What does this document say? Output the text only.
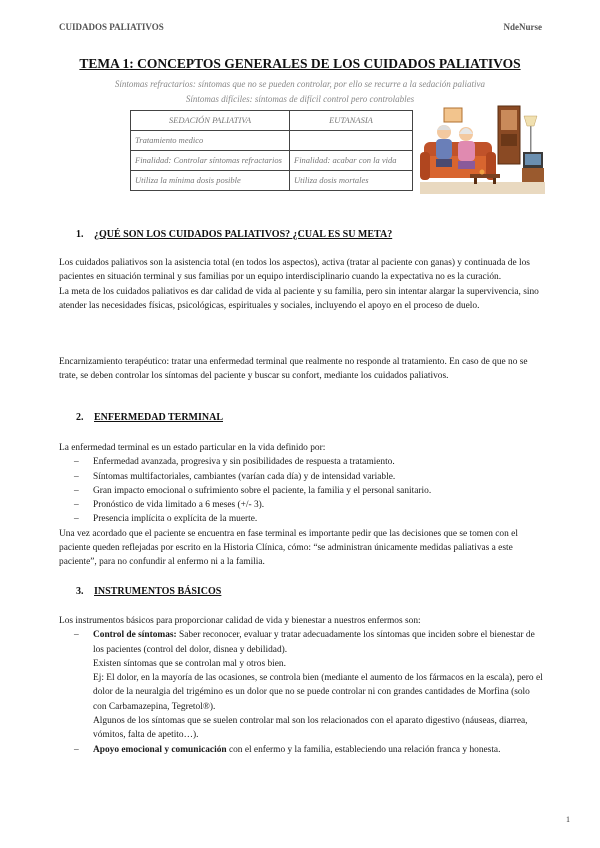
CUIDADOS PALIATIVOS	NdeNurse
TEMA 1: CONCEPTOS GENERALES DE LOS CUIDADOS PALIATIVOS
Síntomas refractarios: síntomas que no se pueden controlar, por ello se recurre a la sedación paliativa
Síntomas difíciles: síntomas de difícil control pero controlables
SEDACIÓN PALIATIVA	EUTANASIA
Tratamiento medico	
Finalidad: Controlar síntomas refractarios	Finalidad: acabar con la vida
Utiliza la mínima dosis posible	Utiliza dosis mortales
1. ¿QUÉ SON LOS CUIDADOS PALIATIVOS? ¿CUAL ES SU META?

Los cuidados paliativos son la asistencia total (en todos los aspectos), activa (tratar al paciente con ganas) y continuada de los pacientes en situación terminal y sus familias por un equipo interdisciplinario cuando la expectativa no es la curación.

La meta de los cuidados paliativos es dar calidad de vida al paciente y su familia, pero sin intentar alargar la supervivencia, sino atender las necesidades físicas, psicológicas, espirituales y sociales, incluyendo el apoyo en el proceso de duelo.

Encarnizamiento terapéutico: tratar una enfermedad terminal que realmente no responde al tratamiento. En caso de que no se trate, se deben controlar los síntomas del paciente y buscar su confort, mediante los cuidados paliativos.

2. ENFERMEDAD TERMINAL

La enfermedad terminal es un estado particular en la vida definido por:

– Enfermedad avanzada, progresiva y sin posibilidades de respuesta a tratamiento.
– Síntomas multifactoriales, cambiantes (varían cada día) y de intensidad variable.
– Gran impacto emocional o sufrimiento sobre el paciente, la familia y el personal sanitario.
– Pronóstico de vida limitado a 6 meses (+/- 3).
– Presencia implícita o explícita de la muerte.

Una vez acordado que el paciente se encuentra en fase terminal es importante pedir que las decisiones que se tomen con el paciente queden reflejadas por escrito en la Historia Clínica, cómo: “se administran únicamente medidas paliativas a este paciente”, para no confundir al enfermo ni a la familia.

3. INSTRUMENTOS BÁSICOS

Los instrumentos básicos para proporcionar calidad de vida y bienestar a nuestros enfermos son:

– Control de síntomas: Saber reconocer, evaluar y tratar adecuadamente los síntomas que inciden sobre el bienestar de los pacientes (control del dolor, disnea y debilidad).
Existen síntomas que se controlan mal y otros bien.
Ej: El dolor, en la mayoría de las ocasiones, se controla bien (mediante el aumento de los fármacos en la escala), pero el dolor de la neuralgia del trigémino es un dolor que no se puede controlar ni con grandes cantidades de Morfina (solo con Carbamazepina, Tegretol®).
Algunos de los síntomas que se suelen controlar mal son los relacionados con el aparato digestivo (náuseas, diarrea, vómitos, falta de apetito…).
– Apoyo emocional y comunicación con el enfermo y la familia, estableciendo una relación franca y honesta.
1
